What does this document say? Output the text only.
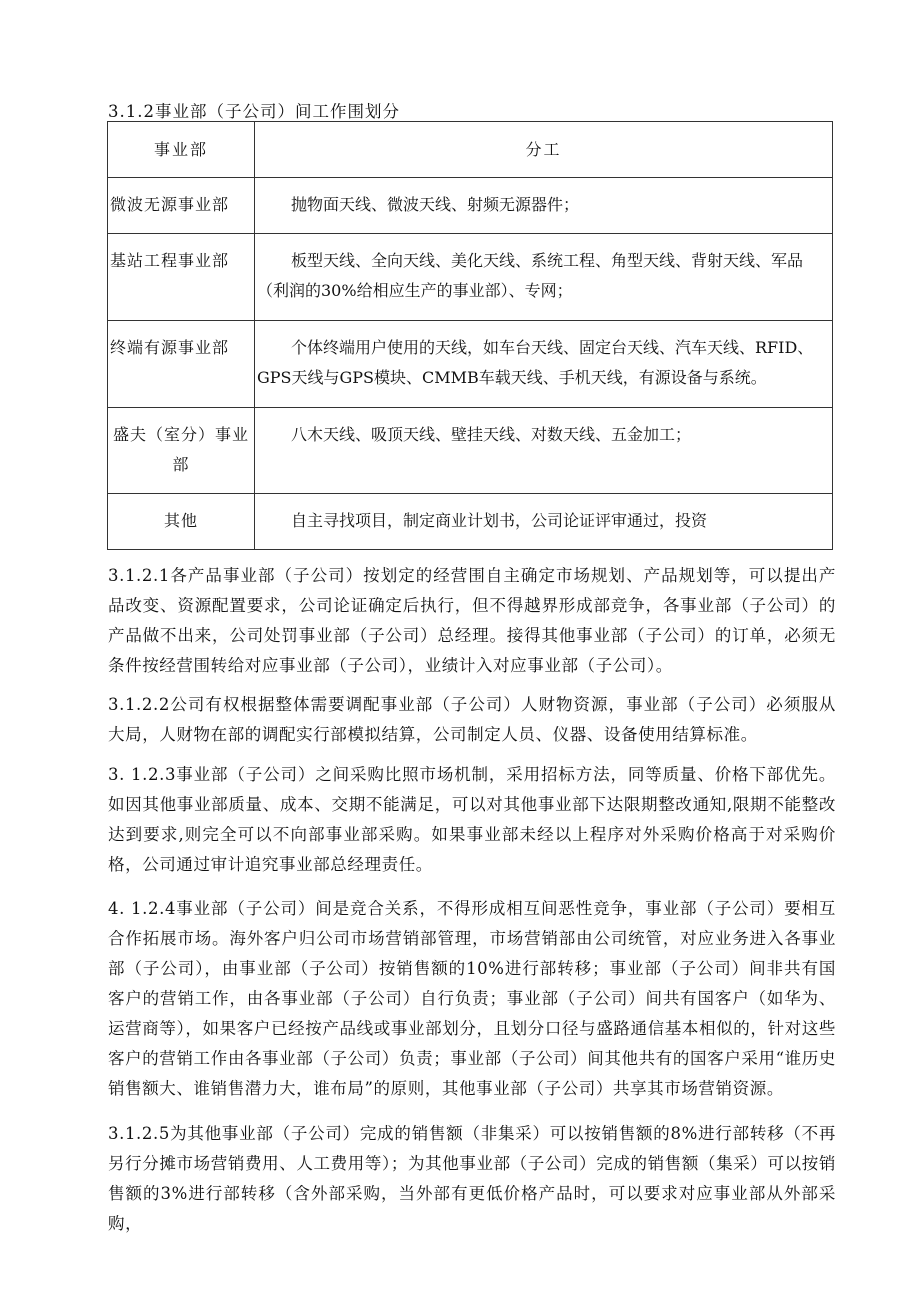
3.1.2事业部（子公司）间工作围划分
事业部	分工
微波无源事业部	抛物面天线、微波天线、射频无源器件；
基站工程事业部	板型天线、全向天线、美化天线、系统工程、角型天线、背射天线、军品（利润的30%给相应生产的事业部）、专网；
终端有源事业部	个体终端用户使用的天线，如车台天线、固定台天线、汽车天线、RFID、GPS天线与GPS模块、CMMB车载天线、手机天线，有源设备与系统。
盛夫（室分）事业部	八木天线、吸顶天线、壁挂天线、对数天线、五金加工；
其他	自主寻找项目，制定商业计划书，公司论证评审通过，投资
3.1.2.1各产品事业部（子公司）按划定的经营围自主确定市场规划、产品规划等，可以提出产品改变、资源配置要求，公司论证确定后执行，但不得越界形成部竞争，各事业部（子公司）的产品做不出来，公司处罚事业部（子公司）总经理。接得其他事业部（子公司）的订单，必须无条件按经营围转给对应事业部（子公司），业绩计入对应事业部（子公司）。
3.1.2.2公司有权根据整体需要调配事业部（子公司）人财物资源，事业部（子公司）必须服从大局，人财物在部的调配实行部模拟结算，公司制定人员、仪器、设备使用结算标准。
3. 1.2.3事业部（子公司）之间采购比照市场机制，采用招标方法，同等质量、价格下部优先。如因其他事业部质量、成本、交期不能满足，可以对其他事业部下达限期整改通知,限期不能整改达到要求,则完全可以不向部事业部采购。如果事业部未经以上程序对外采购价格高于对采购价格，公司通过审计追究事业部总经理责任。
4. 1.2.4事业部（子公司）间是竞合关系，不得形成相互间恶性竞争，事业部（子公司）要相互合作拓展市场。海外客户归公司市场营销部管理，市场营销部由公司统管，对应业务进入各事业部（子公司），由事业部（子公司）按销售额的10%进行部转移；事业部（子公司）间非共有国客户的营销工作，由各事业部（子公司）自行负责；事业部（子公司）间共有国客户（如华为、运营商等），如果客户已经按产品线或事业部划分，且划分口径与盛路通信基本相似的，针对这些客户的营销工作由各事业部（子公司）负责；事业部（子公司）间其他共有的国客户采用“谁历史销售额大、谁销售潜力大，谁布局”的原则，其他事业部（子公司）共享其市场营销资源。
3.1.2.5为其他事业部（子公司）完成的销售额（非集采）可以按销售额的8%进行部转移（不再另行分摊市场营销费用、人工费用等）；为其他事业部（子公司）完成的销售额（集采）可以按销售额的3%进行部转移（含外部采购，当外部有更低价格产品时，可以要求对应事业部从外部采购，
